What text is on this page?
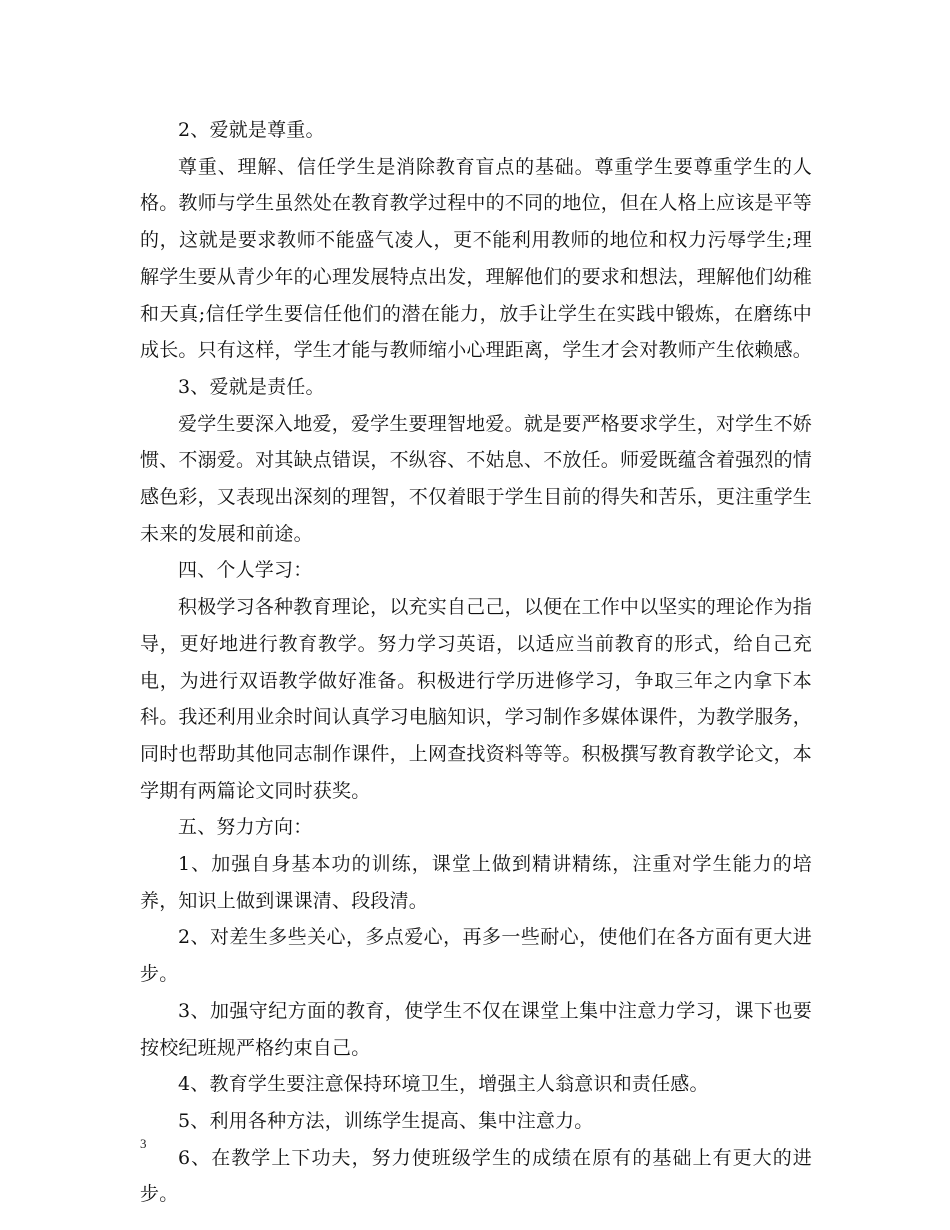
2、爱就是尊重。

尊重、理解、信任学生是消除教育盲点的基础。尊重学生要尊重学生的人格。教师与学生虽然处在教育教学过程中的不同的地位，但在人格上应该是平等的，这就是要求教师不能盛气凌人，更不能利用教师的地位和权力污辱学生;理解学生要从青少年的心理发展特点出发，理解他们的要求和想法，理解他们幼稚和天真;信任学生要信任他们的潜在能力，放手让学生在实践中锻炼，在磨练中成长。只有这样，学生才能与教师缩小心理距离，学生才会对教师产生依赖感。

3、爱就是责任。

爱学生要深入地爱，爱学生要理智地爱。就是要严格要求学生，对学生不娇惯、不溺爱。对其缺点错误，不纵容、不姑息、不放任。师爱既蕴含着强烈的情感色彩，又表现出深刻的理智，不仅着眼于学生目前的得失和苦乐，更注重学生未来的发展和前途。

四、个人学习：

积极学习各种教育理论，以充实自己己，以便在工作中以坚实的理论作为指导，更好地进行教育教学。努力学习英语，以适应当前教育的形式，给自己充电，为进行双语教学做好准备。积极进行学历进修学习，争取三年之内拿下本科。我还利用业余时间认真学习电脑知识，学习制作多媒体课件，为教学服务，同时也帮助其他同志制作课件，上网查找资料等等。积极撰写教育教学论文，本学期有两篇论文同时获奖。

五、努力方向：

1、加强自身基本功的训练，课堂上做到精讲精练，注重对学生能力的培养，知识上做到课课清、段段清。

2、对差生多些关心，多点爱心，再多一些耐心，使他们在各方面有更大进步。

3、加强守纪方面的教育，使学生不仅在课堂上集中注意力学习，课下也要按校纪班规严格约束自己。

4、教育学生要注意保持环境卫生，增强主人翁意识和责任感。

5、利用各种方法，训练学生提高、集中注意力。

6、在教学上下功夫，努力使班级学生的成绩在原有的基础上有更大的进步。

3
